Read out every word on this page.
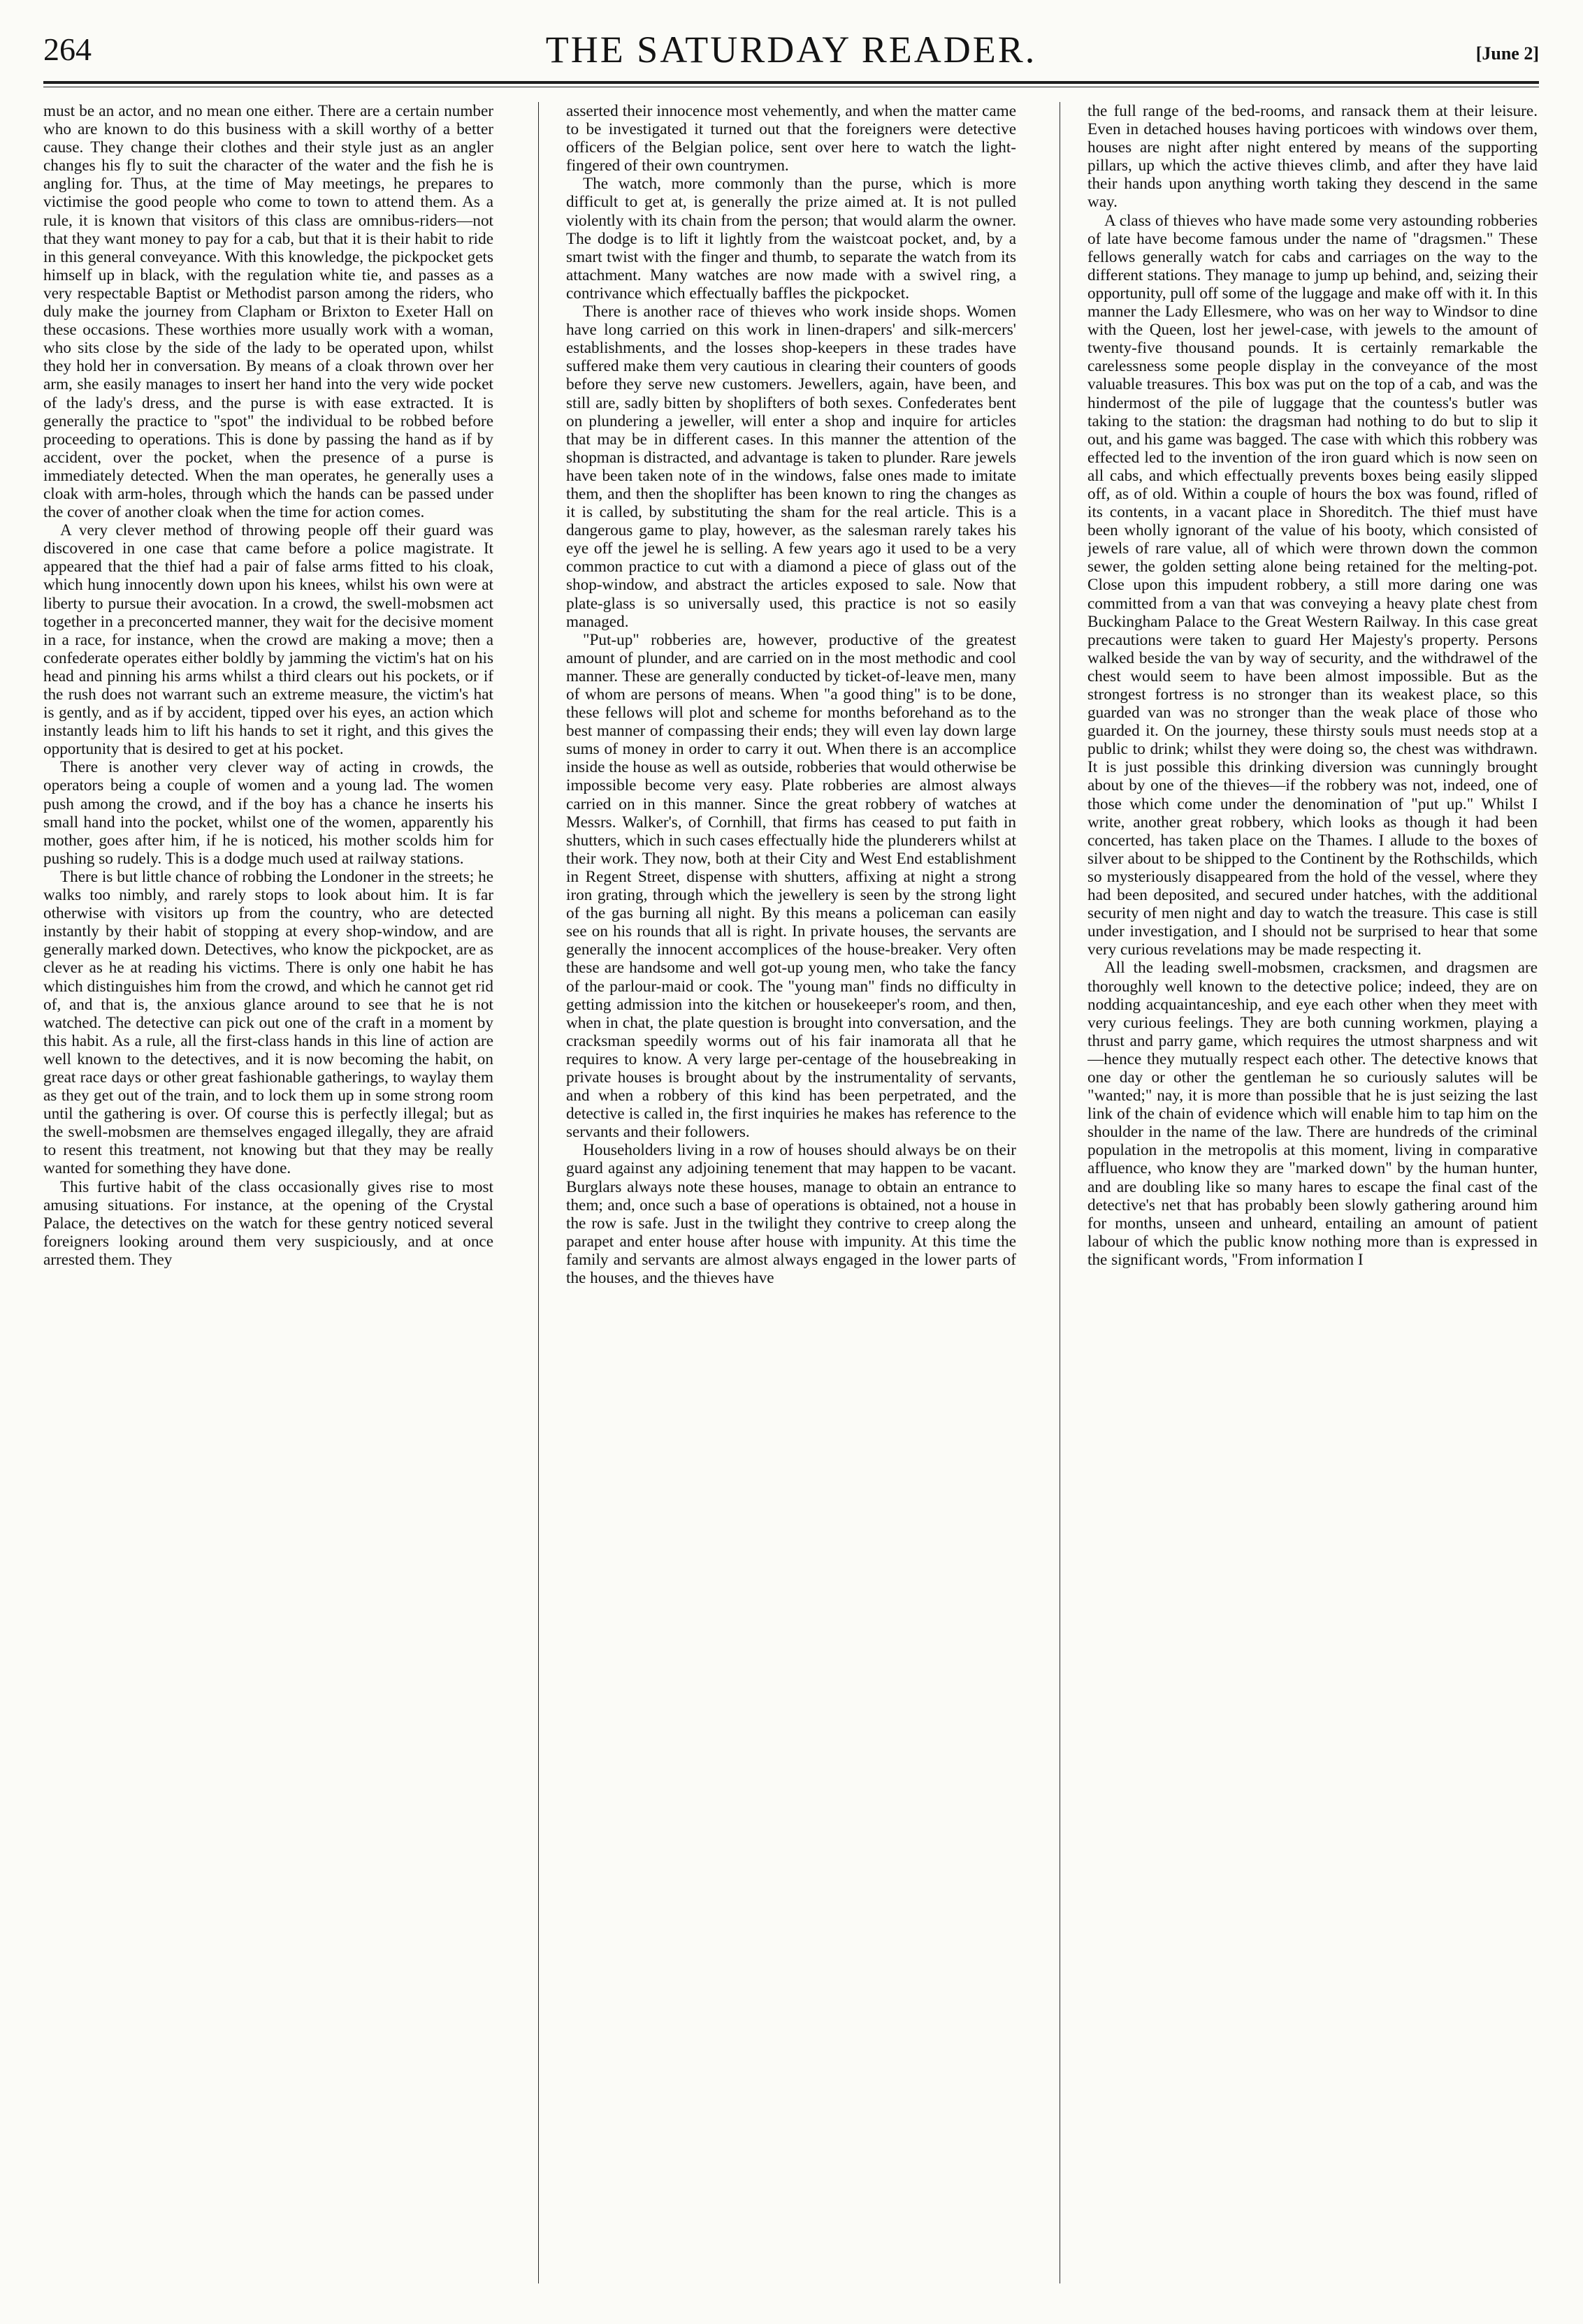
264	THE SATURDAY READER.	[June 2]

must be an actor, and no mean one either. There are a certain number who are known to do this business with a skill worthy of a better cause. They change their clothes and their style just as an angler changes his fly to suit the character of the water and the fish he is angling for. Thus, at the time of May meetings, he prepares to victimise the good people who come to town to attend them. As a rule, it is known that visitors of this class are omnibus-riders—not that they want money to pay for a cab, but that it is their habit to ride in this general conveyance. With this knowledge, the pickpocket gets himself up in black, with the regulation white tie, and passes as a very respectable Baptist or Methodist parson among the riders, who duly make the journey from Clapham or Brixton to Exeter Hall on these occasions. These worthies more usually work with a woman, who sits close by the side of the lady to be operated upon, whilst they hold her in conversation. By means of a cloak thrown over her arm, she easily manages to insert her hand into the very wide pocket of the lady's dress, and the purse is with ease extracted. It is generally the practice to "spot" the individual to be robbed before proceeding to operations. This is done by passing the hand as if by accident, over the pocket, when the presence of a purse is immediately detected. When the man operates, he generally uses a cloak with arm-holes, through which the hands can be passed under the cover of another cloak when the time for action comes.

A very clever method of throwing people off their guard was discovered in one case that came before a police magistrate. It appeared that the thief had a pair of false arms fitted to his cloak, which hung innocently down upon his knees, whilst his own were at liberty to pursue their avocation. In a crowd, the swell-mobsmen act together in a preconcerted manner, they wait for the decisive moment in a race, for instance, when the crowd are making a move; then a confederate operates either boldly by jamming the victim's hat on his head and pinning his arms whilst a third clears out his pockets, or if the rush does not warrant such an extreme measure, the victim's hat is gently, and as if by accident, tipped over his eyes, an action which instantly leads him to lift his hands to set it right, and this gives the opportunity that is desired to get at his pocket.

There is another very clever way of acting in crowds, the operators being a couple of women and a young lad. The women push among the crowd, and if the boy has a chance he inserts his small hand into the pocket, whilst one of the women, apparently his mother, goes after him, if he is noticed, his mother scolds him for pushing so rudely. This is a dodge much used at railway stations.

There is but little chance of robbing the Londoner in the streets; he walks too nimbly, and rarely stops to look about him. It is far otherwise with visitors up from the country, who are detected instantly by their habit of stopping at every shop-window, and are generally marked down. Detectives, who know the pickpocket, are as clever as he at reading his victims. There is only one habit he has which distinguishes him from the crowd, and which he cannot get rid of, and that is, the anxious glance around to see that he is not watched. The detective can pick out one of the craft in a moment by this habit. As a rule, all the first-class hands in this line of action are well known to the detectives, and it is now becoming the habit, on great race days or other great fashionable gatherings, to waylay them as they get out of the train, and to lock them up in some strong room until the gathering is over. Of course this is perfectly illegal; but as the swell-mobsmen are themselves engaged illegally, they are afraid to resent this treatment, not knowing but that they may be really wanted for something they have done.

This furtive habit of the class occasionally gives rise to most amusing situations. For instance, at the opening of the Crystal Palace, the detectives on the watch for these gentry noticed several foreigners looking around them very suspiciously, and at once arrested them. They

asserted their innocence most vehemently, and when the matter came to be investigated it turned out that the foreigners were detective officers of the Belgian police, sent over here to watch the light-fingered of their own countrymen.

The watch, more commonly than the purse, which is more difficult to get at, is generally the prize aimed at. It is not pulled violently with its chain from the person; that would alarm the owner. The dodge is to lift it lightly from the waistcoat pocket, and, by a smart twist with the finger and thumb, to separate the watch from its attachment. Many watches are now made with a swivel ring, a contrivance which effectually baffles the pickpocket.

There is another race of thieves who work inside shops. Women have long carried on this work in linen-drapers' and silk-mercers' establishments, and the losses shop-keepers in these trades have suffered make them very cautious in clearing their counters of goods before they serve new customers. Jewellers, again, have been, and still are, sadly bitten by shoplifters of both sexes. Confederates bent on plundering a jeweller, will enter a shop and inquire for articles that may be in different cases. In this manner the attention of the shopman is distracted, and advantage is taken to plunder. Rare jewels have been taken note of in the windows, false ones made to imitate them, and then the shoplifter has been known to ring the changes as it is called, by substituting the sham for the real article. This is a dangerous game to play, however, as the salesman rarely takes his eye off the jewel he is selling. A few years ago it used to be a very common practice to cut with a diamond a piece of glass out of the shop-window, and abstract the articles exposed to sale. Now that plate-glass is so universally used, this practice is not so easily managed.

"Put-up" robberies are, however, productive of the greatest amount of plunder, and are carried on in the most methodic and cool manner. These are generally conducted by ticket-of-leave men, many of whom are persons of means. When "a good thing" is to be done, these fellows will plot and scheme for months beforehand as to the best manner of compassing their ends; they will even lay down large sums of money in order to carry it out. When there is an accomplice inside the house as well as outside, robberies that would otherwise be impossible become very easy. Plate robberies are almost always carried on in this manner. Since the great robbery of watches at Messrs. Walker's, of Cornhill, that firms has ceased to put faith in shutters, which in such cases effectually hide the plunderers whilst at their work. They now, both at their City and West End establishment in Regent Street, dispense with shutters, affixing at night a strong iron grating, through which the jewellery is seen by the strong light of the gas burning all night. By this means a policeman can easily see on his rounds that all is right. In private houses, the servants are generally the innocent accomplices of the house-breaker. Very often these are handsome and well got-up young men, who take the fancy of the parlour-maid or cook. The "young man" finds no difficulty in getting admission into the kitchen or housekeeper's room, and then, when in chat, the plate question is brought into conversation, and the cracksman speedily worms out of his fair inamorata all that he requires to know. A very large per-centage of the housebreaking in private houses is brought about by the instrumentality of servants, and when a robbery of this kind has been perpetrated, and the detective is called in, the first inquiries he makes has reference to the servants and their followers.

Householders living in a row of houses should always be on their guard against any adjoining tenement that may happen to be vacant. Burglars always note these houses, manage to obtain an entrance to them; and, once such a base of operations is obtained, not a house in the row is safe. Just in the twilight they contrive to creep along the parapet and enter house after house with impunity. At this time the family and servants are almost always engaged in the lower parts of the houses, and the thieves have

the full range of the bed-rooms, and ransack them at their leisure. Even in detached houses having porticoes with windows over them, houses are night after night entered by means of the supporting pillars, up which the active thieves climb, and after they have laid their hands upon anything worth taking they descend in the same way.

A class of thieves who have made some very astounding robberies of late have become famous under the name of "dragsmen." These fellows generally watch for cabs and carriages on the way to the different stations. They manage to jump up behind, and, seizing their opportunity, pull off some of the luggage and make off with it. In this manner the Lady Ellesmere, who was on her way to Windsor to dine with the Queen, lost her jewel-case, with jewels to the amount of twenty-five thousand pounds. It is certainly remarkable the carelessness some people display in the conveyance of the most valuable treasures. This box was put on the top of a cab, and was the hindermost of the pile of luggage that the countess's butler was taking to the station: the dragsman had nothing to do but to slip it out, and his game was bagged. The case with which this robbery was effected led to the invention of the iron guard which is now seen on all cabs, and which effectually prevents boxes being easily slipped off, as of old. Within a couple of hours the box was found, rifled of its contents, in a vacant place in Shoreditch. The thief must have been wholly ignorant of the value of his booty, which consisted of jewels of rare value, all of which were thrown down the common sewer, the golden setting alone being retained for the melting-pot. Close upon this impudent robbery, a still more daring one was committed from a van that was conveying a heavy plate chest from Buckingham Palace to the Great Western Railway. In this case great precautions were taken to guard Her Majesty's property. Persons walked beside the van by way of security, and the withdrawel of the chest would seem to have been almost impossible. But as the strongest fortress is no stronger than its weakest place, so this guarded van was no stronger than the weak place of those who guarded it. On the journey, these thirsty souls must needs stop at a public to drink; whilst they were doing so, the chest was withdrawn. It is just possible this drinking diversion was cunningly brought about by one of the thieves—if the robbery was not, indeed, one of those which come under the denomination of "put up." Whilst I write, another great robbery, which looks as though it had been concerted, has taken place on the Thames. I allude to the boxes of silver about to be shipped to the Continent by the Rothschilds, which so mysteriously disappeared from the hold of the vessel, where they had been deposited, and secured under hatches, with the additional security of men night and day to watch the treasure. This case is still under investigation, and I should not be surprised to hear that some very curious revelations may be made respecting it.

All the leading swell-mobsmen, cracksmen, and dragsmen are thoroughly well known to the detective police; indeed, they are on nodding acquaintanceship, and eye each other when they meet with very curious feelings. They are both cunning workmen, playing a thrust and parry game, which requires the utmost sharpness and wit—hence they mutually respect each other. The detective knows that one day or other the gentleman he so curiously salutes will be "wanted;" nay, it is more than possible that he is just seizing the last link of the chain of evidence which will enable him to tap him on the shoulder in the name of the law. There are hundreds of the criminal population in the metropolis at this moment, living in comparative affluence, who know they are "marked down" by the human hunter, and are doubling like so many hares to escape the final cast of the detective's net that has probably been slowly gathering around him for months, unseen and unheard, entailing an amount of patient labour of which the public know nothing more than is expressed in the significant words, "From information I
